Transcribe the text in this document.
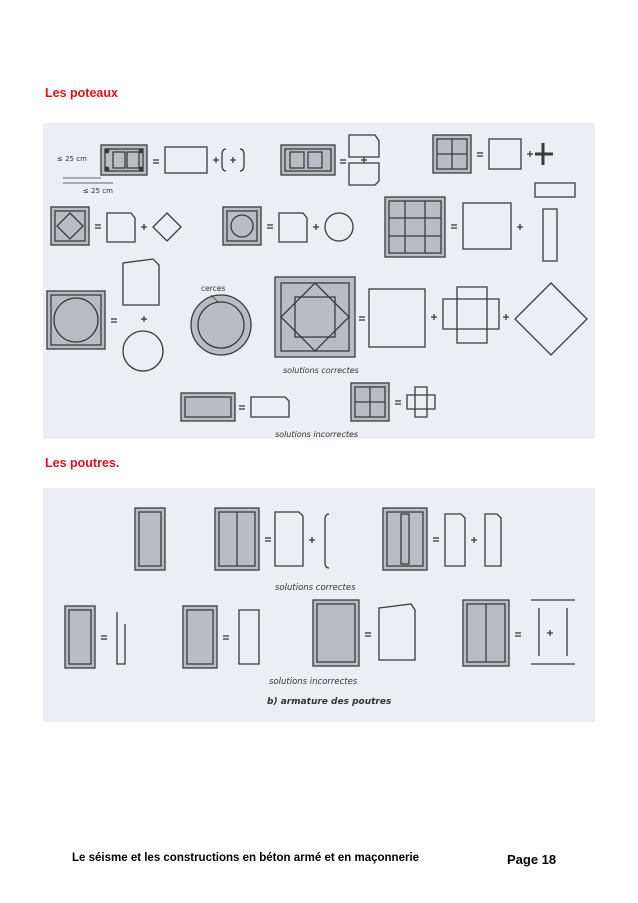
Les poteaux
≤ 25 cm
≤ 25 cm
cerces
solutions correctes
solutions incorrectes
Les poutres.
solutions correctes
solutions incorrectes
b) armature des poutres
Le séisme et les constructions en béton armé et en maçonnerie	Page 18
